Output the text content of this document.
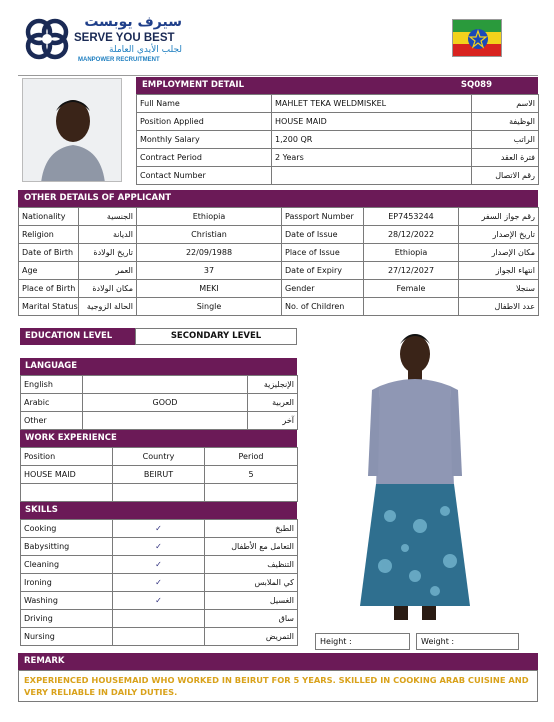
سيرف يوبست
SERVE YOU BEST
لجلب الأيدي العاملة
MANPOWER RECRUITMENT
EMPLOYMENT DETAIL	SQ089
Full Name	MAHLET TEKA WELDMISKEL	الاسم
Position Applied	HOUSE MAID	الوظيفة
Monthly Salary	1,200 QR	الراتب
Contract Period	2 Years	فترة العقد
Contact Number		رقم الاتصال
OTHER DETAILS OF APPLICANT
Nationality	الجنسية	Ethiopia	Passport Number	EP7453244	رقم جواز السفر
Religion	الديانة	Christian	Date of Issue	28/12/2022	تاريخ الإصدار
Date of Birth	تاريخ الولادة	22/09/1988	Place of Issue	Ethiopia	مكان الإصدار
Age	العمر	37	Date of Expiry	27/12/2027	انتهاء الجواز
Place of Birth	مكان الولادة	MEKI	Gender	Female	سنجلا
Marital Status	الحالة الزوجية	Single	No. of Children		عدد الاطفال
EDUCATION LEVEL	SECONDARY LEVEL
LANGUAGE
English		الإنجليزية
Arabic	GOOD	العربية
Other		آخر
WORK EXPERIENCE
Position	Country	Period
HOUSE MAID	BEIRUT	5

SKILLS
Cooking	✓	الطبخ
Babysitting	✓	التعامل مع الأطفال
Cleaning	✓	التنظيف
Ironing	✓	كي الملابس
Washing	✓	الغسيل
Driving		ساق
Nursing		التمريض
Height :	Weight :
REMARK
EXPERIENCED HOUSEMAID WHO WORKED IN BEIRUT FOR 5 YEARS. SKILLED IN COOKING ARAB CUISINE AND VERY RELIABLE IN DAILY DUTIES.
